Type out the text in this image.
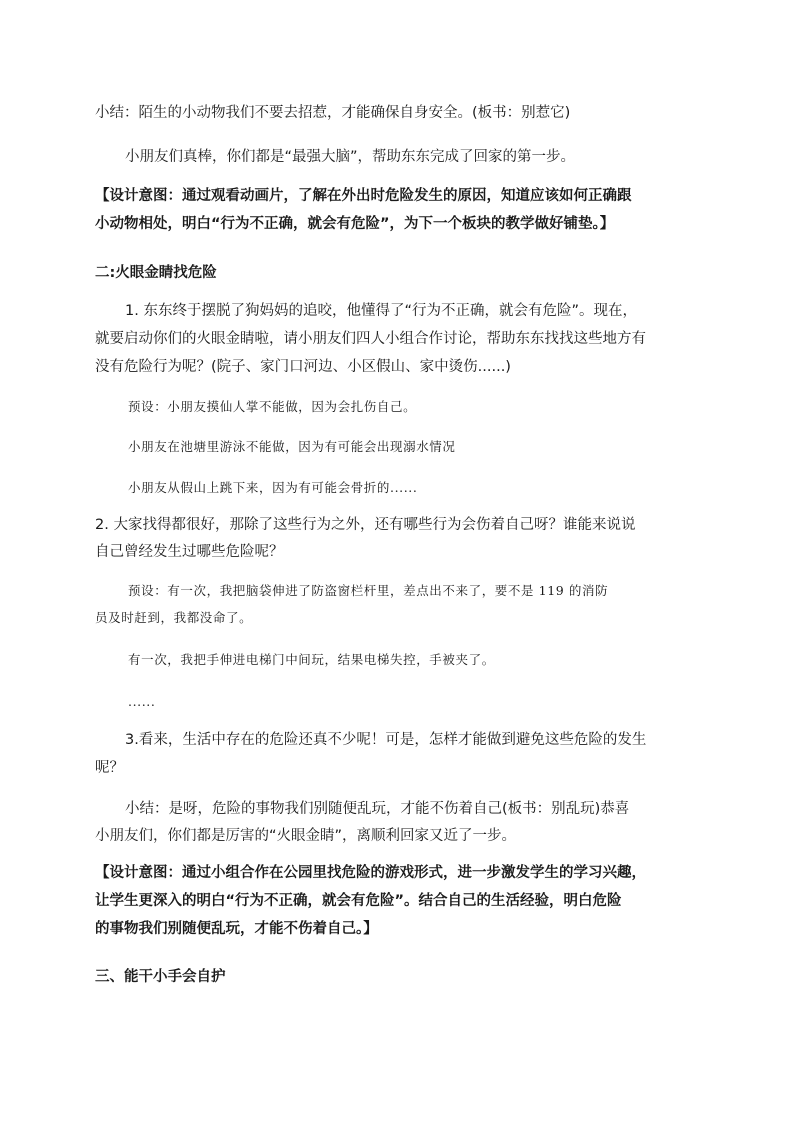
小结：陌生的小动物我们不要去招惹，才能确保自身安全。(板书：别惹它)
小朋友们真棒，你们都是“最强大脑”，帮助东东完成了回家的第一步。
【设计意图：通过观看动画片，了解在外出时危险发生的原因，知道应该如何正确跟
小动物相处，明白“行为不正确，就会有危险”，为下一个板块的教学做好铺垫。】
二:火眼金睛找危险
1. 东东终于摆脱了狗妈妈的追咬，他懂得了“行为不正确，就会有危险”。现在，
就要启动你们的火眼金睛啦，请小朋友们四人小组合作讨论，帮助东东找找这些地方有
没有危险行为呢？(院子、家门口河边、小区假山、家中烫伤......)
预设：小朋友摸仙人掌不能做，因为会扎伤自己。
小朋友在池塘里游泳不能做，因为有可能会出现溺水情况
小朋友从假山上跳下来，因为有可能会骨折的......
2. 大家找得都很好，那除了这些行为之外，还有哪些行为会伤着自己呀？谁能来说说
自己曾经发生过哪些危险呢？
预设：有一次，我把脑袋伸进了防盗窗栏杆里，差点出不来了，要不是 119 的消防
员及时赶到，我都没命了。
有一次，我把手伸进电梯门中间玩，结果电梯失控，手被夹了。
......
3.看来，生活中存在的危险还真不少呢！可是，怎样才能做到避免这些危险的发生
呢？
小结：是呀，危险的事物我们别随便乱玩，才能不伤着自己(板书：别乱玩)恭喜
小朋友们，你们都是厉害的“火眼金睛”，离顺利回家又近了一步。
【设计意图：通过小组合作在公园里找危险的游戏形式，进一步激发学生的学习兴趣，
让学生更深入的明白“行为不正确，就会有危险”。结合自己的生活经验，明白危险
的事物我们别随便乱玩，才能不伤着自己。】
三、能干小手会自护
